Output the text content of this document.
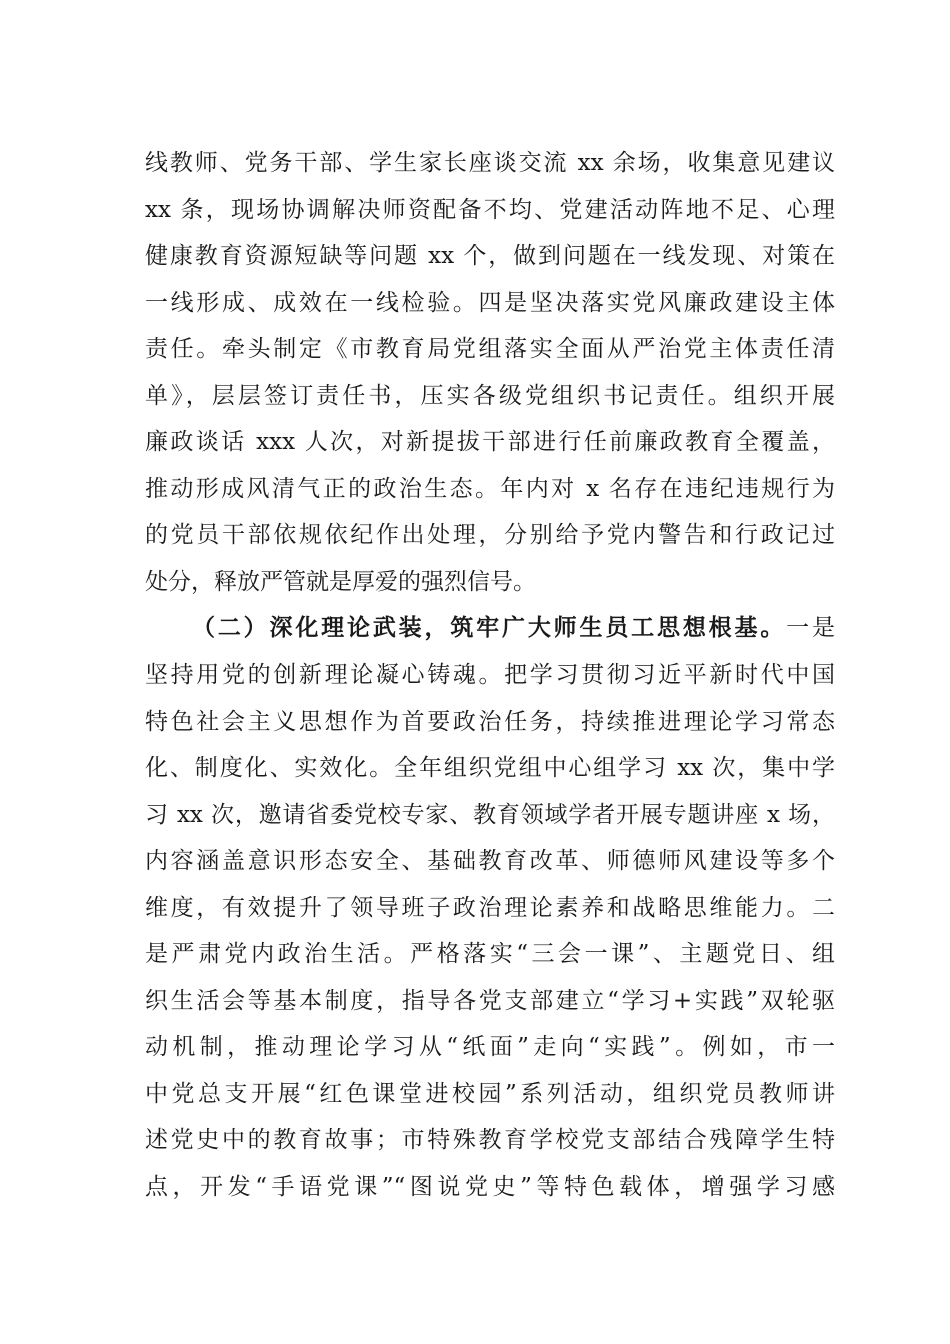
线教师、党务干部、学生家长座谈交流 xx 余场，收集意见建议
xx 条，现场协调解决师资配备不均、党建活动阵地不足、心理
健康教育资源短缺等问题 xx 个，做到问题在一线发现、对策在
一线形成、成效在一线检验。四是坚决落实党风廉政建设主体
责任。牵头制定《市教育局党组落实全面从严治党主体责任清
单》，层层签订责任书，压实各级党组织书记责任。组织开展
廉政谈话 xxx 人次，对新提拔干部进行任前廉政教育全覆盖，
推动形成风清气正的政治生态。年内对 x 名存在违纪违规行为
的党员干部依规依纪作出处理，分别给予党内警告和行政记过
处分，释放严管就是厚爱的强烈信号。
（二）深化理论武装，筑牢广大师生员工思想根基。一是
坚持用党的创新理论凝心铸魂。把学习贯彻习近平新时代中国
特色社会主义思想作为首要政治任务，持续推进理论学习常态
化、制度化、实效化。全年组织党组中心组学习 xx 次，集中学
习 xx 次，邀请省委党校专家、教育领域学者开展专题讲座 x 场，
内容涵盖意识形态安全、基础教育改革、师德师风建设等多个
维度，有效提升了领导班子政治理论素养和战略思维能力。二
是严肃党内政治生活。严格落实“三会一课”、主题党日、组
织生活会等基本制度，指导各党支部建立“学习+实践”双轮驱
动机制，推动理论学习从“纸面”走向“实践”。例如，市一
中党总支开展“红色课堂进校园”系列活动，组织党员教师讲
述党史中的教育故事；市特殊教育学校党支部结合残障学生特
点，开发“手语党课”“图说党史”等特色载体，增强学习感
